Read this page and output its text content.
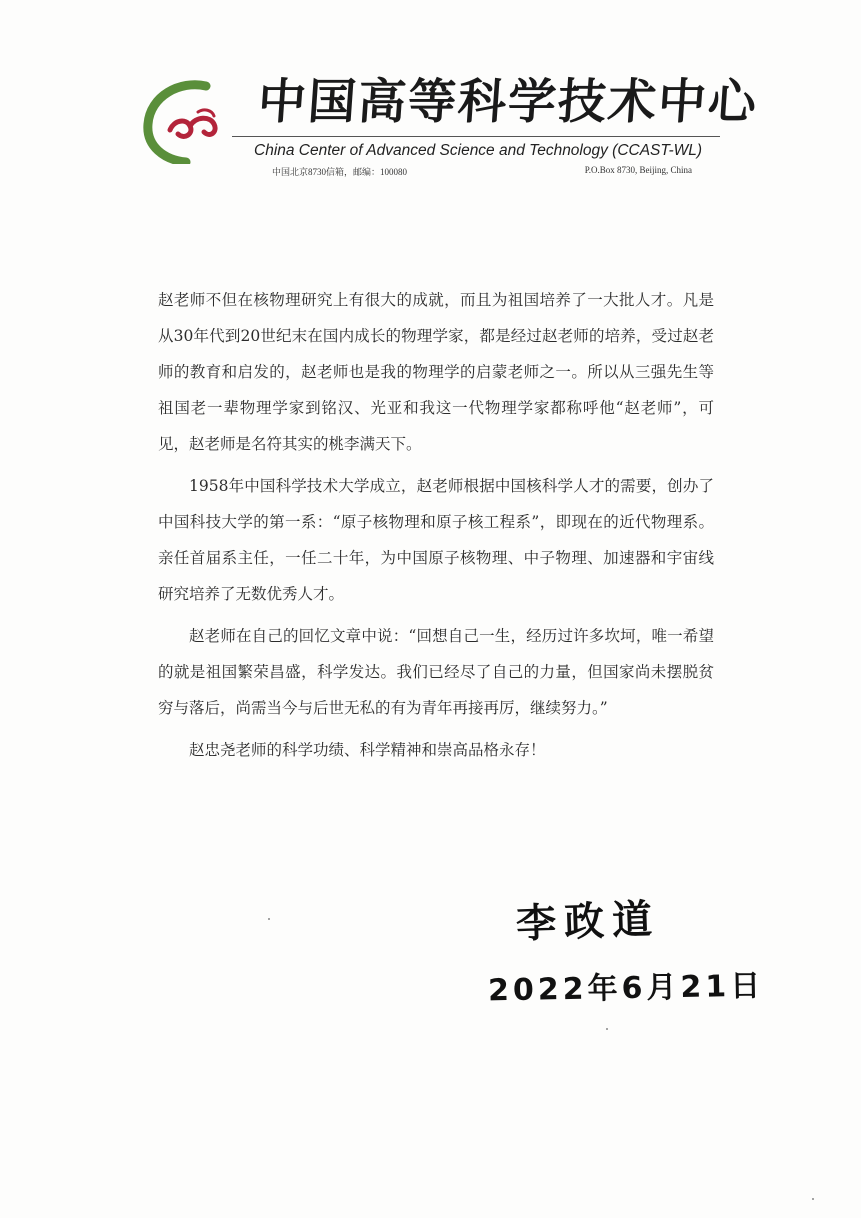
中国高等科学技术中心
China Center of Advanced Science and Technology (CCAST-WL)
中国北京8730信箱，邮编：100080	P.O.Box 8730, Beijing, China

赵老师不但在核物理研究上有很大的成就，而且为祖国培养了一大批人才。凡是从30年代到20世纪末在国内成长的物理学家，都是经过赵老师的培养，受过赵老师的教育和启发的，赵老师也是我的物理学的启蒙老师之一。所以从三强先生等祖国老一辈物理学家到铭汉、光亚和我这一代物理学家都称呼他“赵老师”，可见，赵老师是名符其实的桃李满天下。

1958年中国科学技术大学成立，赵老师根据中国核科学人才的需要，创办了中国科技大学的第一系：“原子核物理和原子核工程系”，即现在的近代物理系。亲任首届系主任，一任二十年，为中国原子核物理、中子物理、加速器和宇宙线研究培养了无数优秀人才。

赵老师在自己的回忆文章中说：“回想自己一生，经历过许多坎坷，唯一希望的就是祖国繁荣昌盛，科学发达。我们已经尽了自己的力量，但国家尚未摆脱贫穷与落后，尚需当今与后世无私的有为青年再接再厉，继续努力。”

赵忠尧老师的科学功绩、科学精神和崇高品格永存！

李政道
2022年6月21日
